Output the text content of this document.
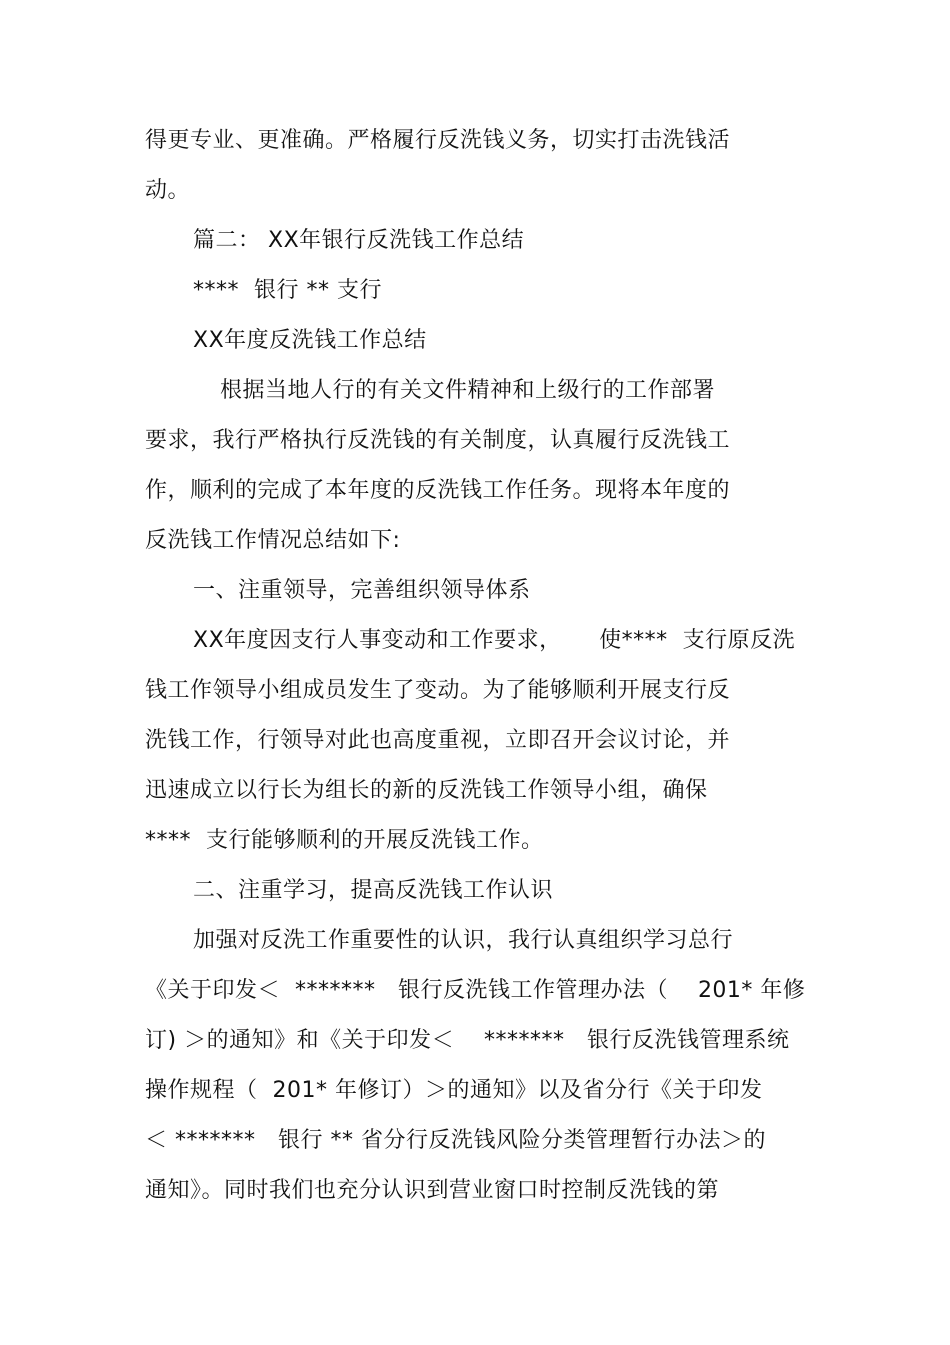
得更专业、更准确。严格履行反洗钱义务，切实打击洗钱活
动。
篇二： XX年银行反洗钱工作总结
****  银行 ** 支行
XX年度反洗钱工作总结
根据当地人行的有关文件精神和上级行的工作部署
要求，我行严格执行反洗钱的有关制度，认真履行反洗钱工
作，顺利的完成了本年度的反洗钱工作任务。现将本年度的
反洗钱工作情况总结如下:
一、注重领导，完善组织领导体系
XX年度因支行人事变动和工作要求，     使****  支行原反洗
钱工作领导小组成员发生了变动。为了能够顺利开展支行反
洗钱工作，行领导对此也高度重视，立即召开会议讨论，并
迅速成立以行长为组长的新的反洗钱工作领导小组，确保
****  支行能够顺利的开展反洗钱工作。
二、注重学习，提高反洗钱工作认识
加强对反洗工作重要性的认识，我行认真组织学习总行
《关于印发＜  *******   银行反洗钱工作管理办法（    201* 年修
订) ＞的通知》和《关于印发＜    *******   银行反洗钱管理系统
操作规程（  201* 年修订）＞的通知》以及省分行《关于印发
＜ *******   银行 ** 省分行反洗钱风险分类管理暂行办法＞的
通知》。同时我们也充分认识到营业窗口时控制反洗钱的第
